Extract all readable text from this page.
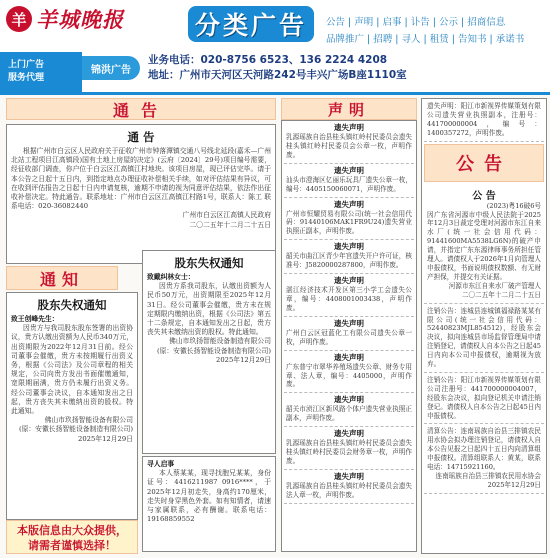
羊 羊城晚报	分类广告	公告 | 声明 | 启事 | 讣告 | 公示 | 招商信息
品牌推广 | 招聘 | 寻人 | 租赁 | 告知书 | 承诺书
上门广告
服务代理
锦洪广告
业务电话：020-8756 6523、136 2224 4208
地址：广州市天河区天河路242号丰兴广场B座1110室
通告
通 告
根据广州市白云区人民政府关于征收广州市钟落潭镇交通八号线北延段(嘉禾—广州北站工程项目江高镇段)国有土地上房屋的决定》(云府〔2024〕29号)项目编号需要，经征收部门调查，你户位于白云区江高镇江村地块。该项目房屋，现已评估完毕。请于本公告之日起十五日内，到指定地点办理征收补偿相关手续，如对评估结果有异议，可在收到评估报告之日起十日内申请复核，逾期不申请的视为同意评估结果，依法作出征收补偿决定。特此通告。联系地址：广州市白云区江高镇江村路1号，联系人：陈工 联系电话：020-36082440
广州市白云区江高镇人民政府
二〇二五年十二月二十五日
通知
股东失权通知
致王创峰先生：
因贵方与我司股东股东签署的出资协议，贵方认缴出资额为人民币340万元，出资期限为2022年12月31日前。经公司董事会催缴，贵方未按期履行出资义务，根据《公司法》及公司章程的相关规定，公司向贵方发出书面催缴通知，宽限期届满，贵方仍未履行出资义务。经公司董事会决议，自本通知发出之日起，贵方丧失其未缴纳出资的股权。特此通知。
佛山市玖扬智能设备有限公司
(原：安徽长扬智能设备制造有限公司)
2025年12月29日
股东失权通知
致戴纠林女士：
因贵方系我司股东，认缴出资额为人民币50万元，出资期限至2025年12月31日。经公司董事会催缴，贵方未在规定期限内缴纳出资，根据《公司法》第五十二条规定，自本通知发出之日起，贵方丧失其未缴纳出资的股权。特此通知。
佛山市玖扬智能设备制造有限公司
(原：安徽长扬智能设备制造有限公司)
2025年12月29日
寻人启事
本人蔡某某，现寻找胞兄某某，身份证号：4416211987 0916****，于2025年12月初走失，身高约170厘米，走失时身穿黑色外套。如有知情者，请速与家属联系，必有酬谢。联系电话：19168859552
本版信息由大众提供，
请需者谨慎选择！
声明
遗失声明
乳源瑶族自治县桂头镇红岭村民委员会遗失桂头镇红岭村民委员会公章一枚，声明作废。
遗失声明
汕头市澄海区亿丽乐玩具厂遗失公章一枚，编号：4405150060071，声明作废。
遗失声明
广州市恒耀贸易有限公司(统一社会信用代码：91440106MAK1FR9U24)遗失营业执照正副本，声明作废。
遗失声明
韶关市曲江区青少年宫遗失开户许可证，核准号：J5820000287800，声明作废。
遗失声明
湛江经济技术开发区第三小学工会遗失公章，编号：4408001003438，声明作废。
遗失声明
广州白云区冠蓝化工有限公司遗失公章一枚，声明作废。
遗失声明
广东普宁市翠华养殖场遗失公章、财务专用章、法人章，编号：4405000，声明作废。
遗失声明
韶关市浈江区新风路个体户遗失营业执照正副本，声明作废。
遗失声明
乳源瑶族自治县桂头镇红岭村民委员会遗失桂头镇红岭村民委员会财务章一枚，声明作废。
遗失声明
乳源瑶族自治县桂头镇红岭村民委员会遗失法人章一枚，声明作废。
遗失声明：阳江市新视界传媒策划有限公司遗失营业执照副本，注册号：441700000004，编号：1400357272，声明作废。
公告
公 告
(2023)粤16破6号
因广东省河源市中级人民法院于2025年12月3日裁定受理对河源市东江自来水厂(统一社会信用代码：91441600MA5538LG6N)的破产申请，并指定广东东源律师事务所担任管理人。请债权人于2026年1月向管理人申报债权，书面说明债权数额、有无财产担保，并提交有关证据。
河源市东江自来水厂破产管理人
二〇二五年十二月二十五日
注销公告：连城县连城镇福禄路某某有限公司(统一社会信用代码：52440823MJL854512)，经股东会决议，拟向连城县市场监督管理局申请注销登记，请债权人自本公告之日起45日内向本公司申报债权，逾期视为放弃。
注销公告：阳江市新视界传媒策划有限公司注册号：441700000004007，经股东会决议，拟向登记机关申请注销登记。请债权人自本公告之日起45日内申报债权。
清算公告：连南瑶族自治县三排镇农民用水协会拟办理注销登记，请债权人自本公告见报之日起四十五日内向清算组申报债权。清算组联系人：黄某，联系电话：14715921160。
连南瑶族自治县三排镇农民用水协会
2025年12月29日
